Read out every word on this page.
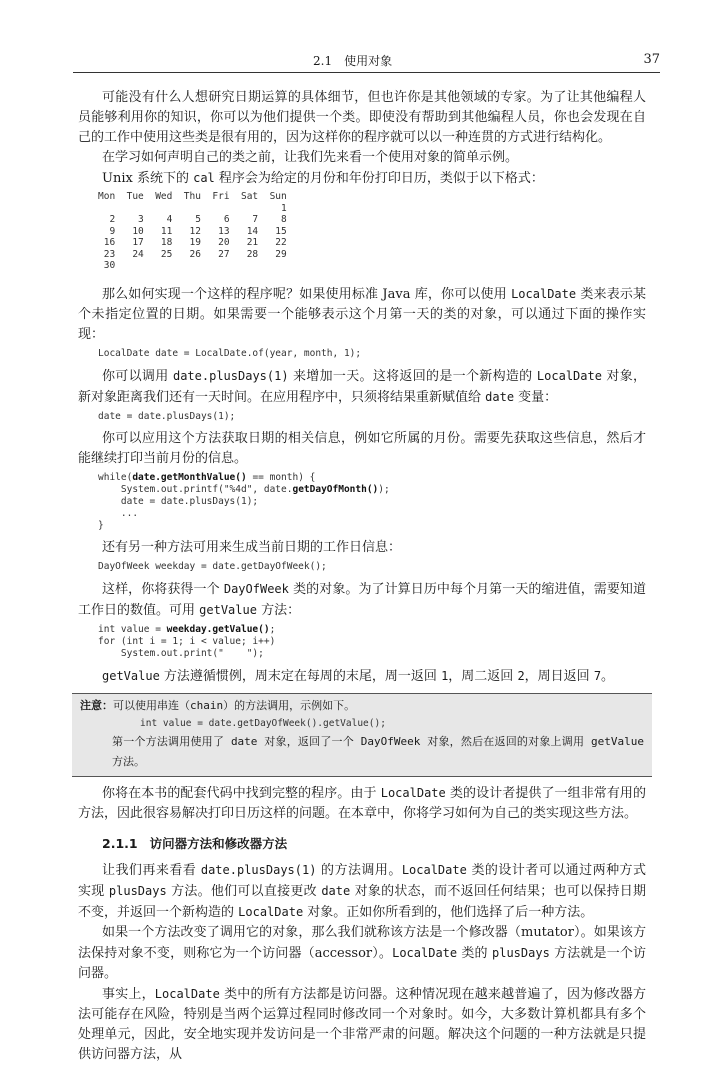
2.1　使用对象	37

可能没有什么人想研究日期运算的具体细节，但也许你是其他领域的专家。为了让其他编程人员能够利用你的知识，你可以为他们提供一个类。即使没有帮助到其他编程人员，你也会发现在自己的工作中使用这些类是很有用的，因为这样你的程序就可以以一种连贯的方式进行结构化。

在学习如何声明自己的类之前，让我们先来看一个使用对象的简单示例。

Unix 系统下的 cal 程序会为给定的月份和年份打印日历，类似于以下格式：

Mon  Tue  Wed  Thu  Fri  Sat  Sun
1
2    3    4    5    6    7    8
9   10   11   12   13   14   15
16   17   18   19   20   21   22
23   24   25   26   27   28   29
30

那么如何实现一个这样的程序呢？如果使用标准 Java 库，你可以使用 LocalDate 类来表示某个未指定位置的日期。如果需要一个能够表示这个月第一天的类的对象，可以通过下面的操作实现：

LocalDate date = LocalDate.of(year, month, 1);

你可以调用 date.plusDays(1) 来增加一天。这将返回的是一个新构造的 LocalDate 对象，新对象距离我们还有一天时间。在应用程序中，只须将结果重新赋值给 date 变量：

date = date.plusDays(1);

你可以应用这个方法获取日期的相关信息，例如它所属的月份。需要先获取这些信息，然后才能继续打印当前月份的信息。

while(date.getMonthValue() == month) {
System.out.printf("%4d", date.getDayOfMonth());
date = date.plusDays(1);
...
}

还有另一种方法可用来生成当前日期的工作日信息：

DayOfWeek weekday = date.getDayOfWeek();

这样，你将获得一个 DayOfWeek 类的对象。为了计算日历中每个月第一天的缩进值，需要知道工作日的数值。可用 getValue 方法：

int value = weekday.getValue();
for (int i = 1; i < value; i++)
System.out.print("    ");

getValue 方法遵循惯例，周末定在每周的末尾，周一返回 1，周二返回 2，周日返回 7。

注意：可以使用串连（chain）的方法调用，示例如下。
int value = date.getDayOfWeek().getValue();

第一个方法调用使用了 date 对象，返回了一个 DayOfWeek 对象，然后在返回的对象上调用 getValue 方法。

你将在本书的配套代码中找到完整的程序。由于 LocalDate 类的设计者提供了一组非常有用的方法，因此很容易解决打印日历这样的问题。在本章中，你将学习如何为自己的类实现这些方法。

2.1.1 访问器方法和修改器方法

让我们再来看看 date.plusDays(1) 的方法调用。LocalDate 类的设计者可以通过两种方式实现 plusDays 方法。他们可以直接更改 date 对象的状态，而不返回任何结果；也可以保持日期不变，并返回一个新构造的 LocalDate 对象。正如你所看到的，他们选择了后一种方法。

如果一个方法改变了调用它的对象，那么我们就称该方法是一个修改器（mutator）。如果该方法保持对象不变，则称它为一个访问器（accessor）。LocalDate 类的 plusDays 方法就是一个访问器。

事实上，LocalDate 类中的所有方法都是访问器。这种情况现在越来越普遍了，因为修改器方法可能存在风险，特别是当两个运算过程同时修改同一个对象时。如今，大多数计算机都具有多个处理单元，因此，安全地实现并发访问是一个非常严肃的问题。解决这个问题的一种方法就是只提供访问器方法，从
